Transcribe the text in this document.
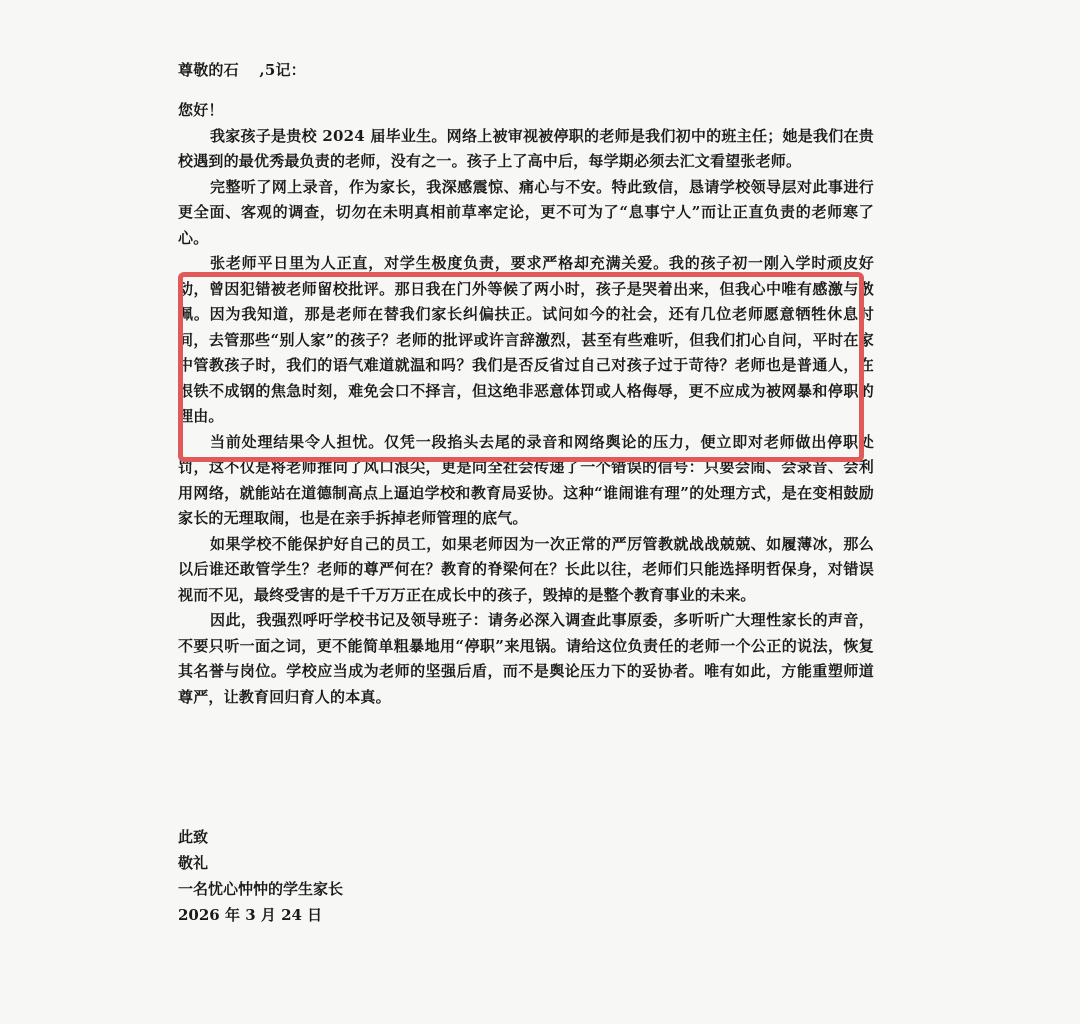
尊敬的石　 ,5记：

您好！

我家孩子是贵校 2024 届毕业生。网络上被审视被停职的老师是我们初中的班主任；她是我们在贵校遇到的最优秀最负责的老师，没有之一。孩子上了高中后，每学期必须去汇文看望张老师。

完整听了网上录音，作为家长，我深感震惊、痛心与不安。特此致信，恳请学校领导层对此事进行更全面、客观的调查，切勿在未明真相前草率定论，更不可为了“息事宁人”而让正直负责的老师寒了心。

张老师平日里为人正直，对学生极度负责，要求严格却充满关爱。我的孩子初一刚入学时顽皮好动，曾因犯错被老师留校批评。那日我在门外等候了两小时，孩子是哭着出来，但我心中唯有感激与敬佩。因为我知道，那是老师在替我们家长纠偏扶正。试问如今的社会，还有几位老师愿意牺牲休息时间，去管那些“别人家”的孩子？老师的批评或许言辞激烈，甚至有些难听，但我们扪心自问，平时在家中管教孩子时，我们的语气难道就温和吗？我们是否反省过自己对孩子过于苛待？老师也是普通人，在恨铁不成钢的焦急时刻，难免会口不择言，但这绝非恶意体罚或人格侮辱，更不应成为被网暴和停职的理由。

当前处理结果令人担忧。仅凭一段掐头去尾的录音和网络舆论的压力，便立即对老师做出停职处罚，这不仅是将老师推向了风口浪尖，更是向全社会传递了一个错误的信号：只要会闹、会录音、会利用网络，就能站在道德制高点上逼迫学校和教育局妥协。这种“谁闹谁有理”的处理方式，是在变相鼓励家长的无理取闹，也是在亲手拆掉老师管理的底气。

如果学校不能保护好自己的员工，如果老师因为一次正常的严厉管教就战战兢兢、如履薄冰，那么以后谁还敢管学生？老师的尊严何在？教育的脊梁何在？长此以往，老师们只能选择明哲保身，对错误视而不见，最终受害的是千千万万正在成长中的孩子，毁掉的是整个教育事业的未来。

因此，我强烈呼吁学校书记及领导班子：请务必深入调查此事原委，多听听广大理性家长的声音，不要只听一面之词，更不能简单粗暴地用“停职”来甩锅。请给这位负责任的老师一个公正的说法，恢复其名誉与岗位。学校应当成为老师的坚强后盾，而不是舆论压力下的妥协者。唯有如此，方能重塑师道尊严，让教育回归育人的本真。

此致
敬礼
一名忧心忡忡的学生家长
2026 年 3 月 24 日
